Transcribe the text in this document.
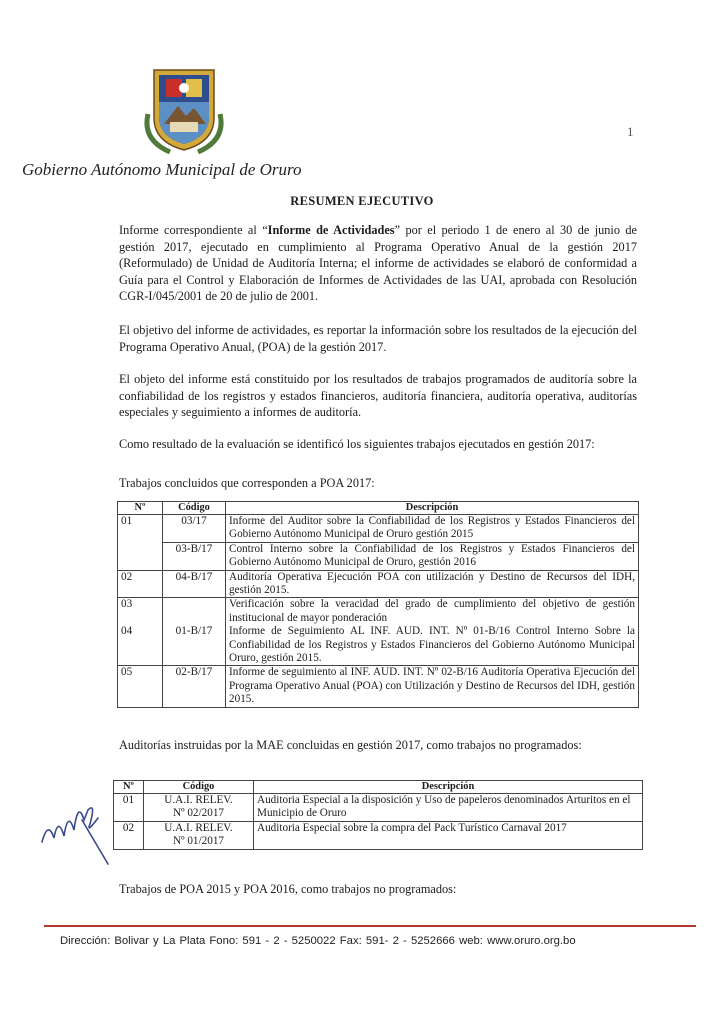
1
Gobierno Autónomo Municipal de Oruro
RESUMEN EJECUTIVO
Informe correspondiente al “Informe de Actividades” por el periodo 1 de enero al 30 de junio de gestión 2017, ejecutado en cumplimiento al Programa Operativo Anual de la gestión 2017 (Reformulado) de Unidad de Auditoría Interna; el informe de actividades se elaboró de conformidad a Guía para el Control y Elaboración de Informes de Actividades de las UAI, aprobada con Resolución CGR-I/045/2001 de 20 de julio de 2001.
El objetivo del informe de actividades, es reportar la información sobre los resultados de la ejecución del Programa Operativo Anual, (POA) de la gestión 2017.
El objeto del informe está constituido por los resultados de trabajos programados de auditoría sobre la confiabilidad de los registros y estados financieros, auditoría financiera, auditoría operativa, auditorías especiales y seguimiento a informes de auditoría.
Como resultado de la evaluación se identificó los siguientes trabajos ejecutados en gestión 2017:
Trabajos concluidos que corresponden a POA 2017:
Nº	Código	Descripción
01	03/17	Informe del Auditor sobre la Confiabilidad de los Registros y Estados Financieros del Gobierno Autónomo Municipal de Oruro gestión 2015
	03-B/17	Control Interno sobre la Confiabilidad de los Registros y Estados Financieros del Gobierno Autónomo Municipal de Oruro, gestión 2016
02	04-B/17	Auditoría Operativa Ejecución POA con utilización y Destino de Recursos del IDH, gestión 2015.
03		Verificación sobre la veracidad del grado de cumplimiento del objetivo de gestión institucional de mayor ponderación
04	01-B/17	Informe de Seguimiento AL INF. AUD. INT. Nº 01-B/16 Control Interno Sobre la Confiabilidad de los Registros y Estados Financieros del Gobierno Autónomo Municipal Oruro, gestión 2015.
05	02-B/17	Informe de seguimiento al INF. AUD. INT. Nº 02-B/16 Auditoría Operativa Ejecución del Programa Operativo Anual (POA) con Utilización y Destino de Recursos del IDH, gestión 2015.
Auditorías instruidas por la MAE concluidas en gestión 2017, como trabajos no programados:
Nº	Código	Descripción
01	U.A.I. RELEV.
Nº 02/2017	Auditoria Especial a la disposición y Uso de papeleros denominados Arturitos en el Municipio de Oruro
02	U.A.I. RELEV.
Nº 01/2017	Auditoria Especial sobre la compra del Pack Turístico Carnaval 2017
Trabajos de POA 2015 y POA 2016, como trabajos no programados:
Dirección: Bolivar y La Plata Fono: 591 - 2 - 5250022 Fax: 591- 2 - 5252666 web: www.oruro.org.bo
